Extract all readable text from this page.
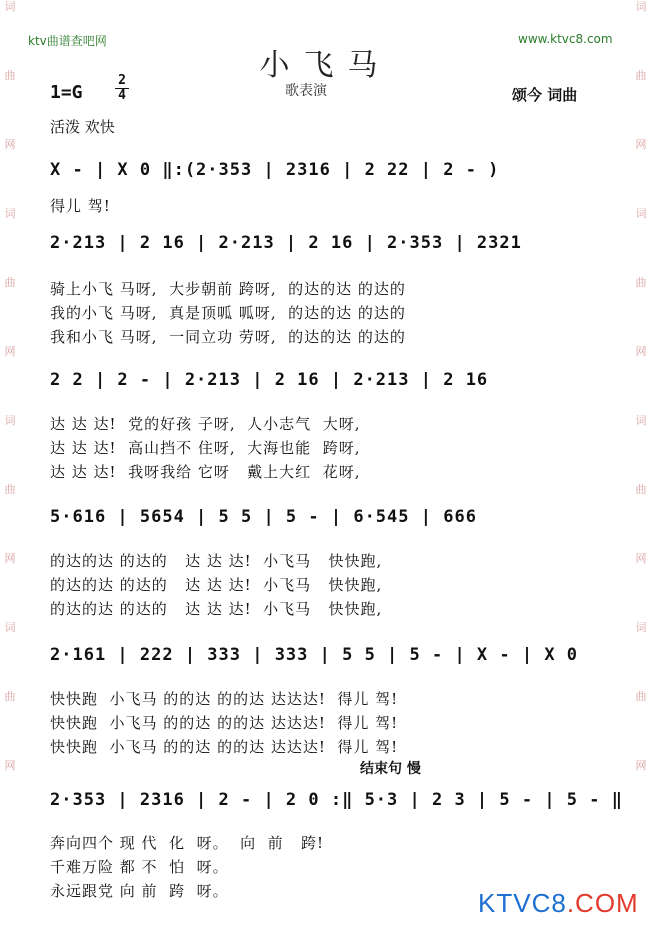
词
曲
网
词
曲
网
词
曲
网
词
曲
网
词
曲
网
词
曲
网
词
曲
网
词
曲
网
ktv曲谱查吧网	www.ktvc8.com
小飞马
歌表演
1=G
2
4	颂今 词曲
活泼 欢快
X - | X 0 ‖:(2·353 | 2316 | 2 22 | 2 - )
得儿 驾!
2·213 | 2 16 | 2·213 | 2 16 | 2·353 | 2321
骑上小飞 马呀,  大步朝前 跨呀,  的达的达 的达的
我的小飞 马呀,  真是顶呱 呱呀,  的达的达 的达的
我和小飞 马呀,  一同立功 劳呀,  的达的达 的达的
2 2 | 2 - | 2·213 | 2 16 | 2·213 | 2 16
达 达 达!  党的好孩 子呀,  人小志气  大呀,
达 达 达!  高山挡不 住呀,  大海也能  跨呀,
达 达 达!  我呀我给 它呀   戴上大红  花呀,
5·616 | 5654 | 5 5 | 5 - | 6·545 | 666
的达的达 的达的   达 达 达!  小飞马   快快跑,
的达的达 的达的   达 达 达!  小飞马   快快跑,
的达的达 的达的   达 达 达!  小飞马   快快跑,
2·161 | 222 | 333 | 333 | 5 5 | 5 - | X - | X 0
快快跑  小飞马 的的达 的的达 达达达!  得儿 驾!
快快跑  小飞马 的的达 的的达 达达达!  得儿 驾!
快快跑  小飞马 的的达 的的达 达达达!  得儿 驾!
结束句 慢
2·353 | 2316 | 2 - | 2 0 :‖ 5·3 | 2 3 | 5 - | 5 - ‖
奔向四个 现 代  化  呀。  向  前   跨!
千难万险 都 不  怕  呀。
永远跟党 向 前  跨  呀。	KTVC8.COM
